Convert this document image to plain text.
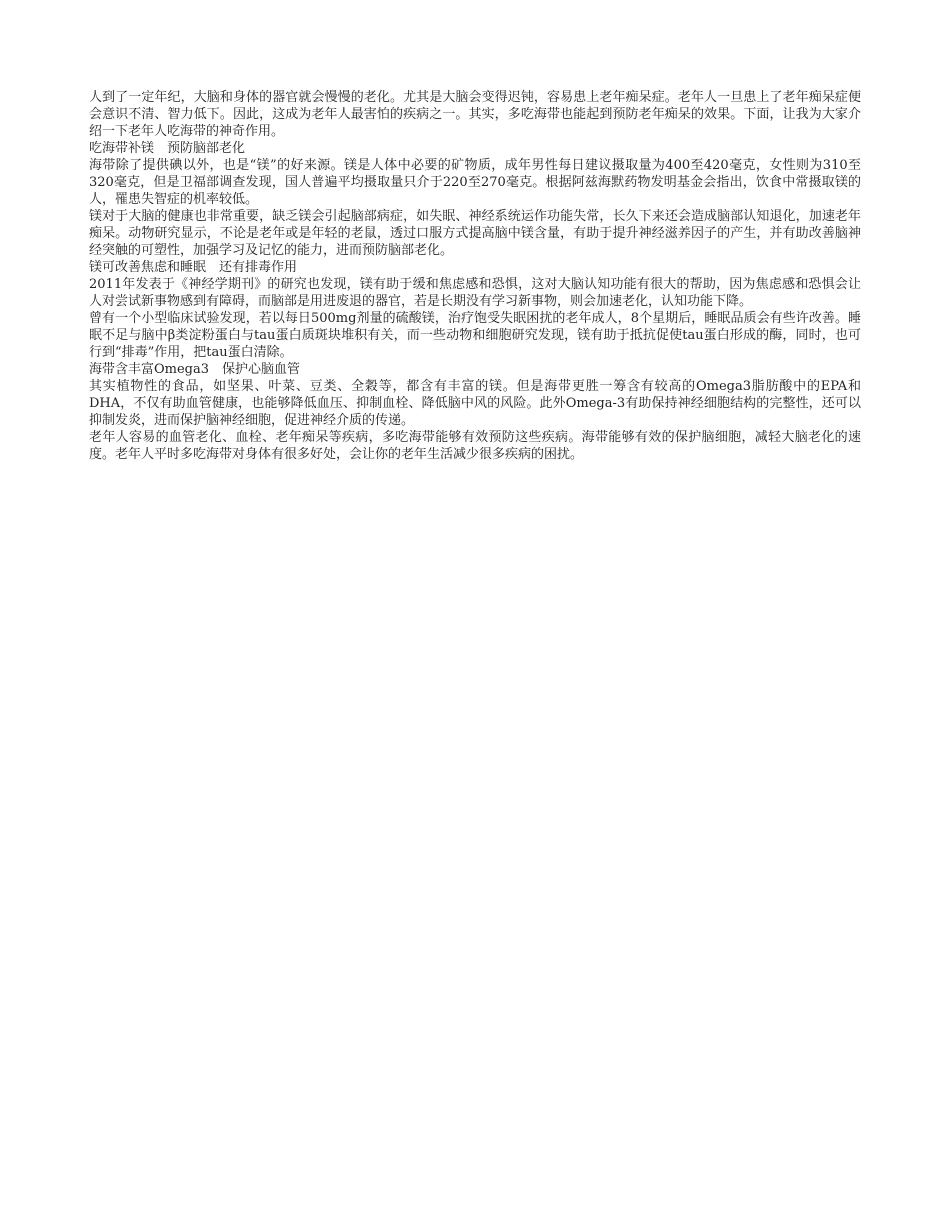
人到了一定年纪，大脑和身体的器官就会慢慢的老化。尤其是大脑会变得迟钝，容易患上老年痴呆症。老年人一旦患上了老年痴呆症便会意识不清、智力低下。因此，这成为老年人最害怕的疾病之一。其实，多吃海带也能起到预防老年痴呆的效果。下面，让我为大家介绍一下老年人吃海带的神奇作用。

吃海带补镁　预防脑部老化

海带除了提供碘以外，也是“镁”的好来源。镁是人体中必要的矿物质，成年男性每日建议摄取量为400至420毫克，女性则为310至320毫克，但是卫福部调查发现，国人普遍平均摄取量只介于220至270毫克。根据阿兹海默药物发明基金会指出，饮食中常摄取镁的人，罹患失智症的机率较低。

镁对于大脑的健康也非常重要，缺乏镁会引起脑部病症，如失眠、神经系统运作功能失常，长久下来还会造成脑部认知退化，加速老年痴呆。动物研究显示，不论是老年或是年轻的老鼠，透过口服方式提高脑中镁含量，有助于提升神经滋养因子的产生，并有助改善脑神经突触的可塑性，加强学习及记忆的能力，进而预防脑部老化。

镁可改善焦虑和睡眠　还有排毒作用

2011年发表于《神经学期刊》的研究也发现，镁有助于缓和焦虑感和恐惧，这对大脑认知功能有很大的帮助，因为焦虑感和恐惧会让人对尝试新事物感到有障碍，而脑部是用进废退的器官，若是长期没有学习新事物，则会加速老化，认知功能下降。

曾有一个小型临床试验发现，若以每日500mg剂量的硫酸镁，治疗饱受失眠困扰的老年成人，8个星期后，睡眠品质会有些许改善。睡眠不足与脑中β类淀粉蛋白与tau蛋白质斑块堆积有关，而一些动物和细胞研究发现，镁有助于抵抗促使tau蛋白形成的酶，同时，也可行到“排毒”作用，把tau蛋白清除。

海带含丰富Omega3　保护心脑血管

其实植物性的食品，如坚果、叶菜、豆类、全穀等，都含有丰富的镁。但是海带更胜一筹含有较高的Omega3脂肪酸中的EPA和DHA，不仅有助血管健康，也能够降低血压、抑制血栓、降低脑中风的风险。此外Omega-3有助保持神经细胞结构的完整性，还可以抑制发炎，进而保护脑神经细胞，促进神经介质的传递。

老年人容易的血管老化、血栓、老年痴呆等疾病，多吃海带能够有效预防这些疾病。海带能够有效的保护脑细胞，减轻大脑老化的速度。老年人平时多吃海带对身体有很多好处，会让你的老年生活减少很多疾病的困扰。
